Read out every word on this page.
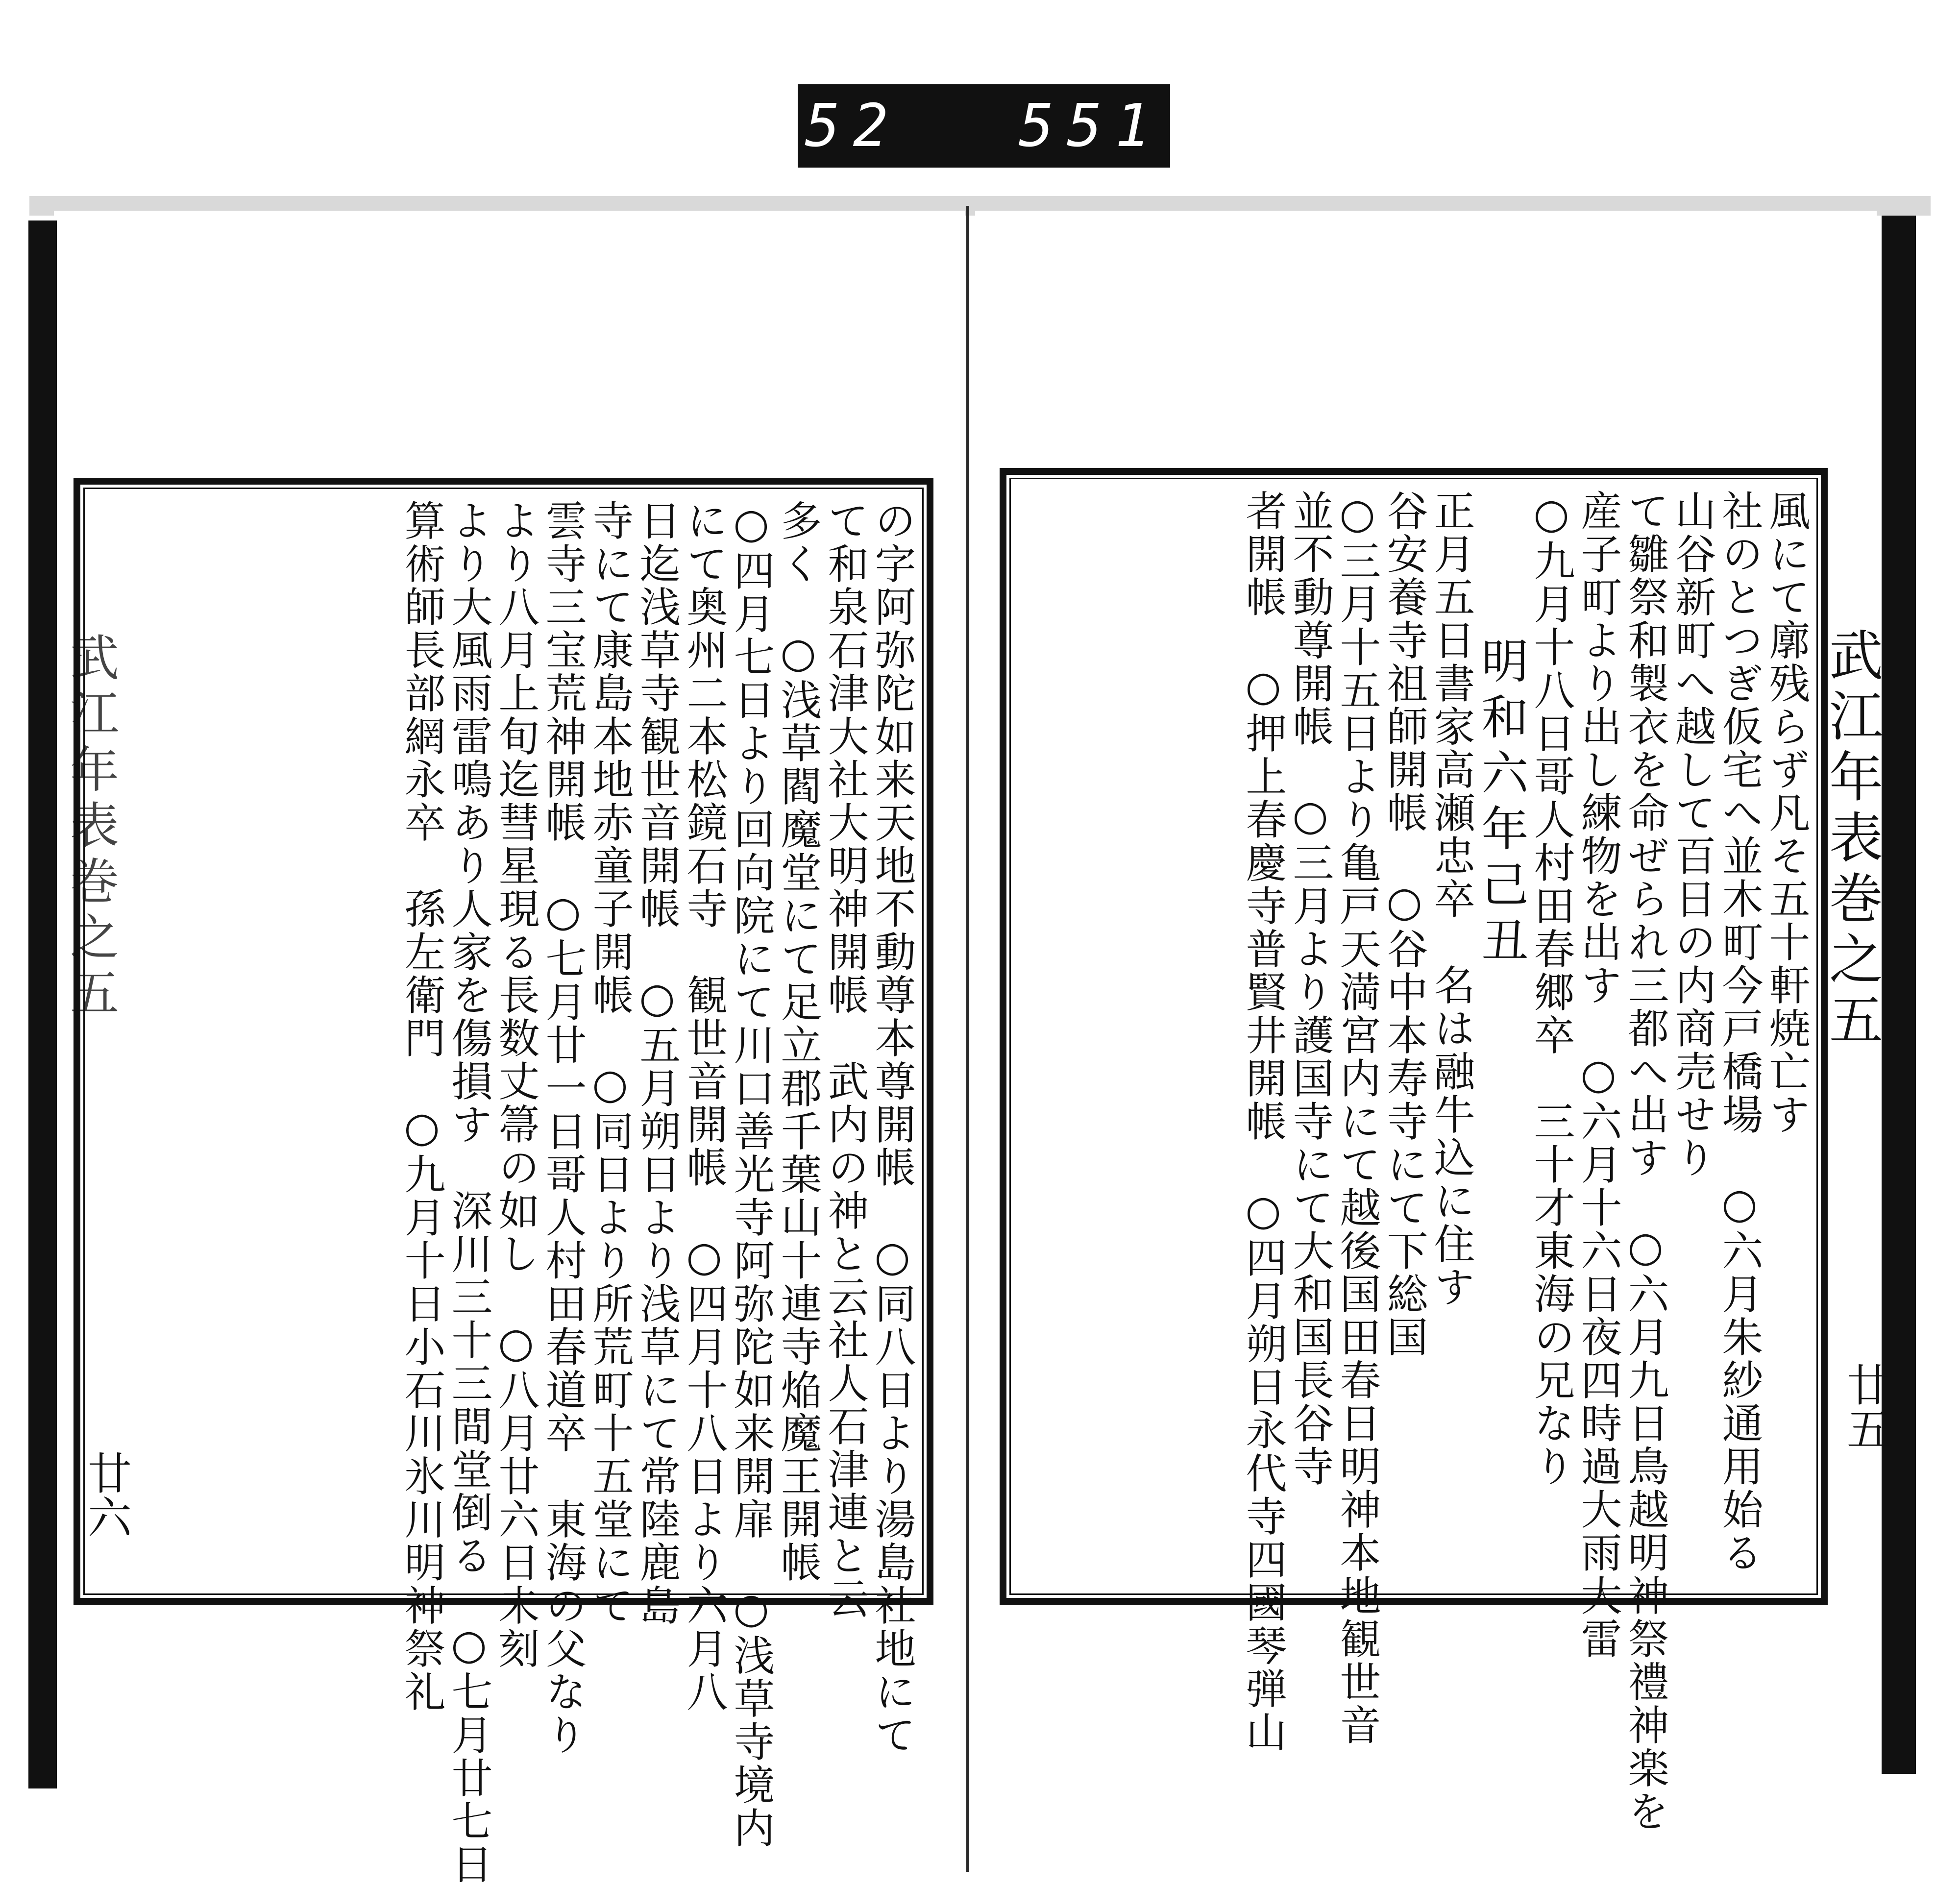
752 551.
武江年表巻之五
廿六
廿五
風にて廓残らず凡そ五十軒焼亡す
社のとつぎ仮宅へ並木町今戸橋場　○六月朱紗通用始る
山谷新町へ越して百日の内商売せり
て雛祭和製衣を命ぜられ三都へ出す　○六月九日鳥越明神祭禮神楽を
産子町より出し練物を出す　○六月十六日夜四時過大雨大雷
○九月十八日哥人村田春郷卒　三十才東海の兄なり
明和六年己丑
正月五日書家高瀬忠卒　名は融牛込に住す
谷安養寺祖師開帳　○谷中本寿寺にて下総国
○三月十五日より亀戸天満宮内にて越後国田春日明神本地観世音
並不動尊開帳　○三月より護国寺にて大和国長谷寺
者開帳　○押上春慶寺普賢井開帳　○四月朔日永代寺四國琴弾山	武江年表巻之五
の字阿弥陀如来天地不動尊本尊開帳　○同八日より湯島社地にて
て和泉石津大社大明神開帳　武内の神と云社人石津連と云
多く　○浅草閻魔堂にて足立郡千葉山十連寺焔魔王開帳
○四月七日より回向院にて川口善光寺阿弥陀如来開扉　○浅草寺境内
にて奥州二本松鏡石寺　観世音開帳　○四月十八日より六月八
日迄浅草寺観世音開帳　○五月朔日より浅草にて常陸鹿島
寺にて康島本地赤童子開帳　○同日より所荒町十五堂にて
雲寺三宝荒神開帳　○七月廿一日哥人村田春道卒　東海の父なり
より八月上旬迄彗星現る長数丈箒の如し　○八月廿六日未刻
より大風雨雷鳴あり人家を傷損す　深川三十三間堂倒る　○七月廿七日
算術師長部網永卒　孫左衛門　○九月十日小石川氷川明神祭礼
